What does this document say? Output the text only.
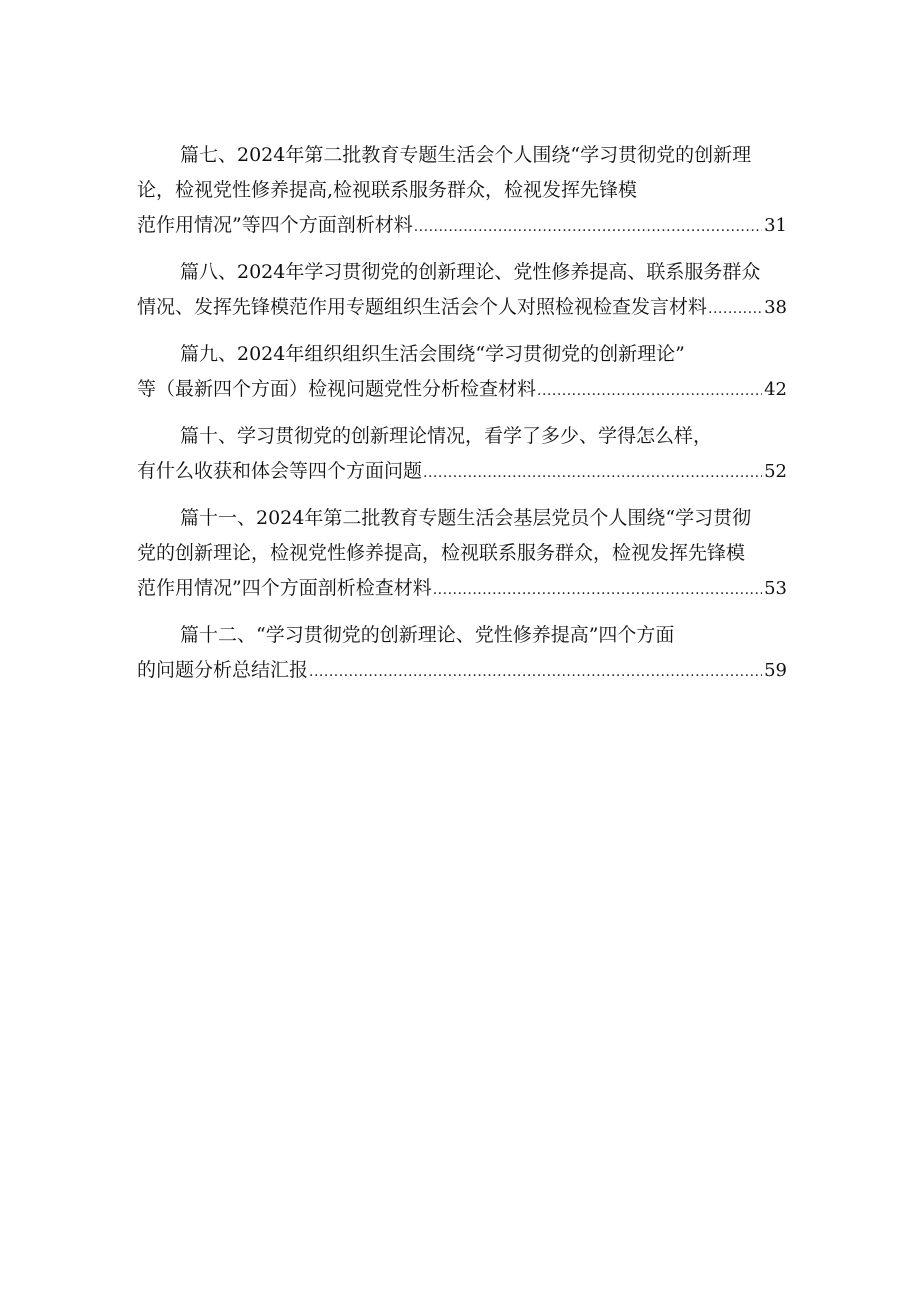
篇七、2024年第二批教育专题生活会个人围绕“学习贯彻党的创新理
论，检视党性修养提高,检视联系服务群众，检视发挥先锋模
范作用情况”等四个方面剖析材料 .....	31
篇八、2024年学习贯彻党的创新理论、党性修养提高、联系服务群众
情况、发挥先锋模范作用专题组织生活会个人对照检视检查发言材料 .....	38
篇九、2024年组织组织生活会围绕“学习贯彻党的创新理论”
等（最新四个方面）检视问题党性分析检查材料 .....	42
篇十、学习贯彻党的创新理论情况，看学了多少、学得怎么样，
有什么收获和体会等四个方面问题 .....	52
篇十一、2024年第二批教育专题生活会基层党员个人围绕“学习贯彻
党的创新理论，检视党性修养提高，检视联系服务群众，检视发挥先锋模
范作用情况”四个方面剖析检查材料 .....	53
篇十二、“学习贯彻党的创新理论、党性修养提高”四个方面
的问题分析总结汇报 .....	59
